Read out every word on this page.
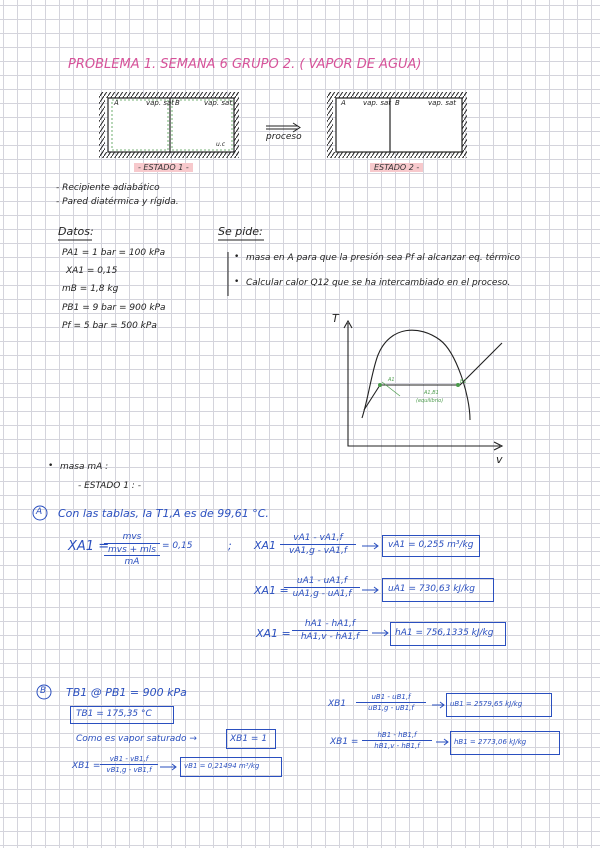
PROBLEMA 1. SEMANA 6 GRUPO 2. ( VAPOR DE AGUA)
A	vap. sat B	vap. sat
u.c
- ESTADO 1 -
A vap. sat B	vap. sat
ESTADO 2 -
proceso
- Recipiente adiabático
- Pared diatérmica y rígida.
Datos:
PA1 = 1 bar = 100 kPa
XA1 = 0,15
mB = 1,8 kg
PB1 = 9 bar = 900 kPa
Pf = 5 bar = 500 kPa
Se pide:
• masa en A para que la presión sea Pf al alcanzar eq. térmico
• Calcular calor Q12 que se ha intercambiado en el proceso.
T
v
A1	B1
A1,B1
(equilibrio)
• masa mA :
- ESTADO 1 : -
A Con las tablas, la T1,A es de 99,61 °C.
XA1 =
mvs
mvs + mls
mA
= 0,15	; $XA1 \frac{vA1 - vA1,f}{vA1,g - vA1,f}$	vA1 = 0,255 m³/kg
XA1 =
$\frac{uA1 - uA1,f}{uA1,g - uA1,f}$	uA1 = 730,63 kJ/kg
$XA1 = \frac{hA1 - hA1,f}{hA1,v - hA1,f}$	hA1 = 756,1335 kJ/kg
B TB1 @ PB1 = 900 kPa
TB1 = 175,35 °C
Como es vapor saturado →	XB1 = 1
$XB1 = \frac{vB1 - vB1,f}{vB1,g - vB1,f}$	vB1 = 0,21494 m³/kg
$XB1 \frac{uB1 - uB1,f}{uB1,g - uB1,f}$	uB1 = 2579,65 kJ/kg
$XB1 = \frac{hB1 - hB1,f}{hB1,v - hB1,f}$	hB1 = 2773,06 kJ/kg
